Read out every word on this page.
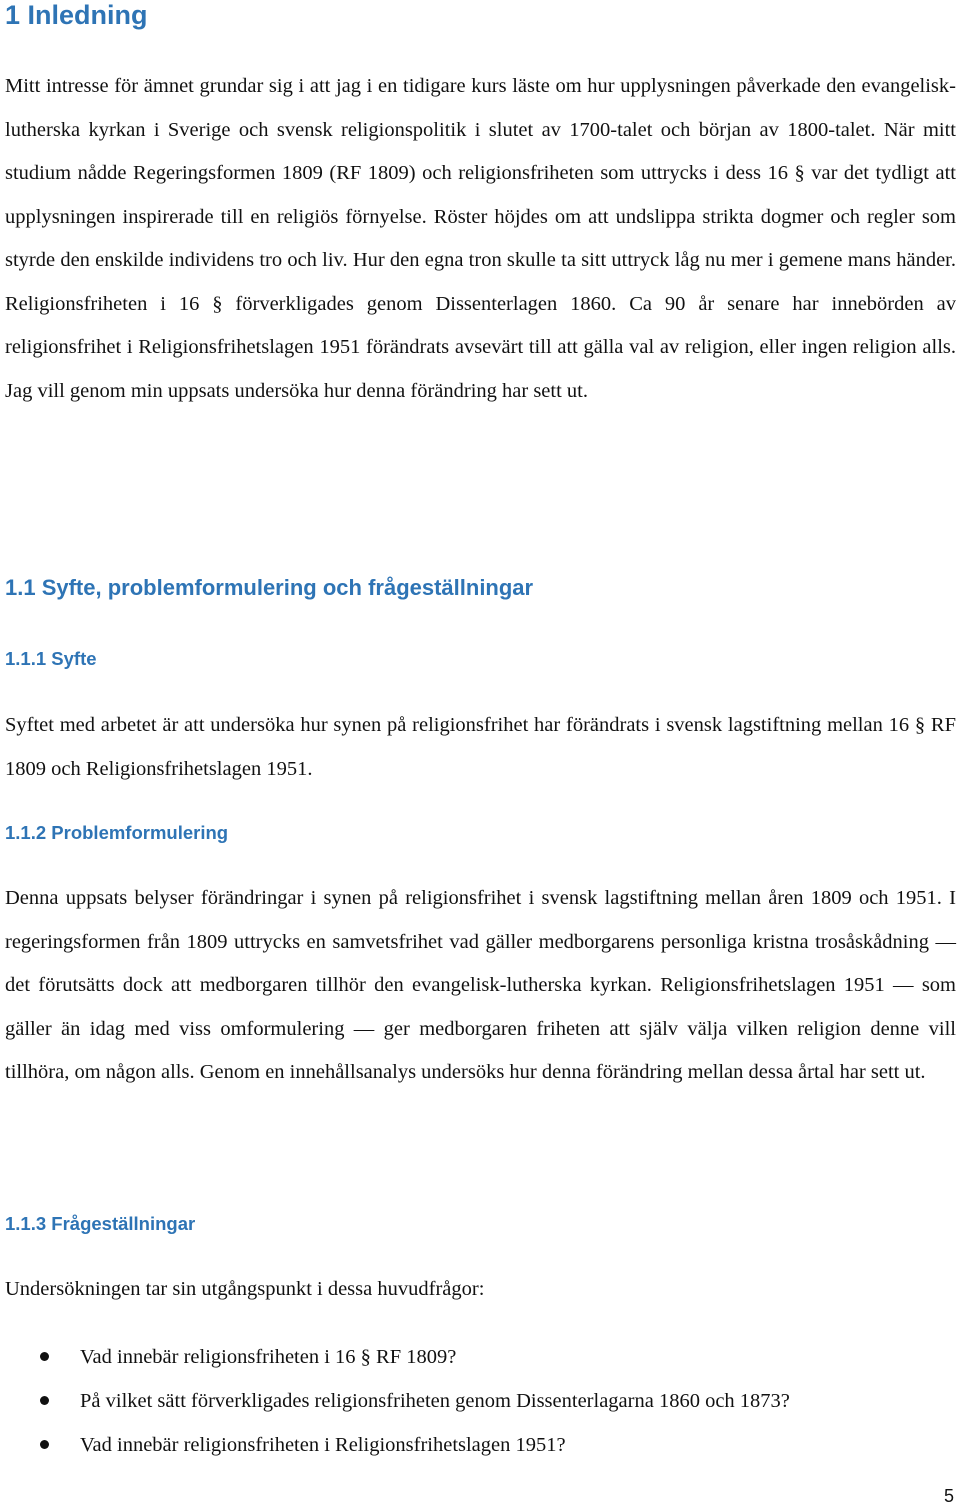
1 Inledning

Mitt intresse för ämnet grundar sig i att jag i en tidigare kurs läste om hur upplysningen påverkade den evangelisk-lutherska kyrkan i Sverige och svensk religionspolitik i slutet av 1700-talet och början av 1800-talet. När mitt studium nådde Regeringsformen 1809 (RF 1809) och religionsfriheten som uttrycks i dess 16 § var det tydligt att upplysningen inspirerade till en religiös förnyelse. Röster höjdes om att undslippa strikta dogmer och regler som styrde den enskilde individens tro och liv. Hur den egna tron skulle ta sitt uttryck låg nu mer i gemene mans händer. Religionsfriheten i 16 § förverkligades genom Dissenterlagen 1860. Ca 90 år senare har innebörden av religionsfrihet i Religionsfrihetslagen 1951 förändrats avsevärt till att gälla val av religion, eller ingen religion alls. Jag vill genom min uppsats undersöka hur denna förändring har sett ut.

1.1 Syfte, problemformulering och frågeställningar
1.1.1 Syfte

Syftet med arbetet är att undersöka hur synen på religionsfrihet har förändrats i svensk lagstiftning mellan 16 § RF 1809 och Religionsfrihetslagen 1951.

1.1.2 Problemformulering

Denna uppsats belyser förändringar i synen på religionsfrihet i svensk lagstiftning mellan åren 1809 och 1951. I regeringsformen från 1809 uttrycks en samvetsfrihet vad gäller medborgarens personliga kristna trosåskådning — det förutsätts dock att medborgaren tillhör den evangelisk-lutherska kyrkan. Religionsfrihetslagen 1951 — som gäller än idag med viss omformulering — ger medborgaren friheten att själv välja vilken religion denne vill tillhöra, om någon alls. Genom en innehållsanalys undersöks hur denna förändring mellan dessa årtal har sett ut.

1.1.3 Frågeställningar

Undersökningen tar sin utgångspunkt i dessa huvudfrågor:

Vad innebär religionsfriheten i 16 § RF 1809?
På vilket sätt förverkligades religionsfriheten genom Dissenterlagarna 1860 och 1873?
Vad innebär religionsfriheten i Religionsfrihetslagen 1951?
5
